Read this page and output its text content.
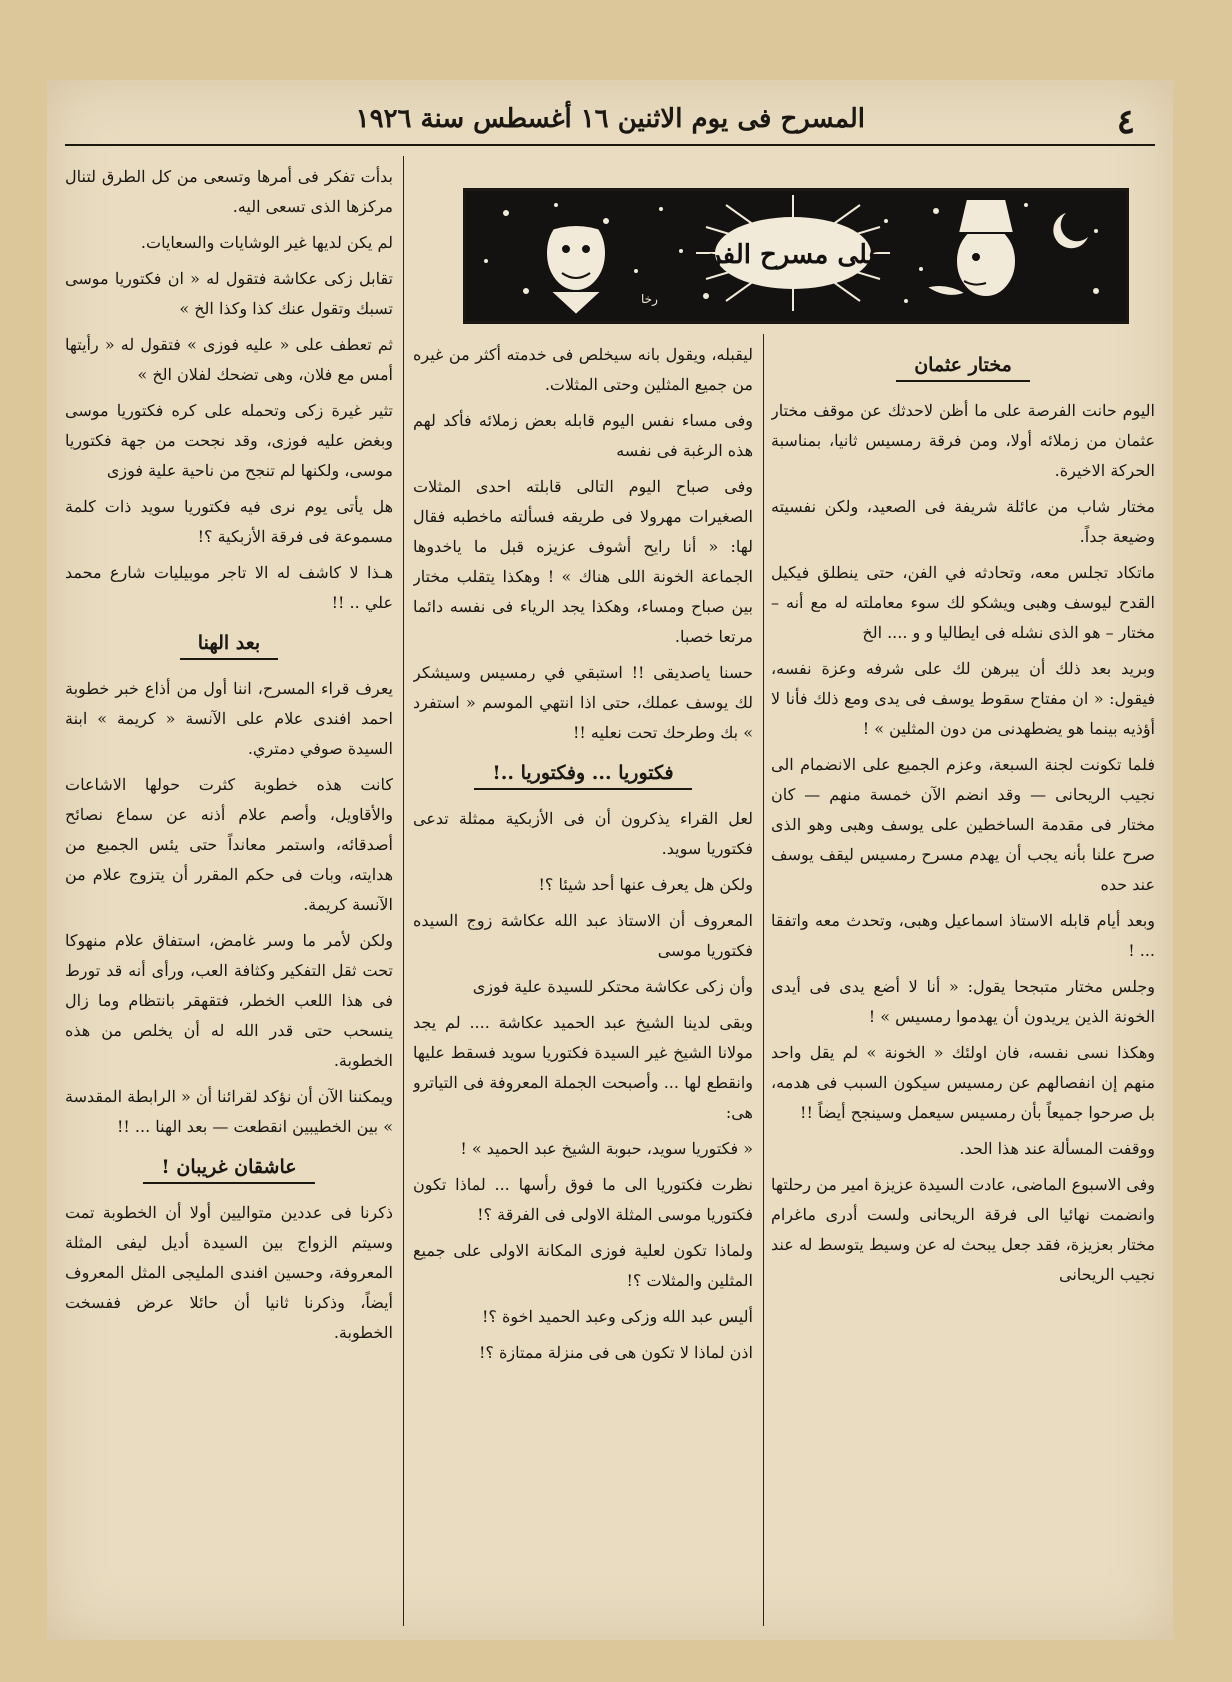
٤
المسرح فى يوم الاثنين ١٦ أغسطس سنة ١٩٢٦
على مسرح الفن
رخا
مختار عثمان

اليوم حانت الفرصة على ما أظن لاحدثك عن موقف مختار عثمان من زملائه أولا، ومن فرقة رمسيس ثانيا، بمناسبة الحركة الاخيرة.

مختار شاب من عائلة شريفة فى الصعيد، ولكن نفسيته وضيعة جداً.

ماتكاد تجلس معه، وتحادثه في الفن، حتى ينطلق فيكيل القدح ليوسف وهبى ويشكو لك سوء معاملته له مع أنه – مختار – هو الذى نشله فى ايطاليا و و .... الخ

وبريد بعد ذلك أن يبرهن لك على شرفه وعزة نفسه، فيقول: « ان مفتاح سقوط يوسف فى يدى ومع ذلك فأنا لا أؤذيه بينما هو يضطهدنى من دون المثلين » !

فلما تكونت لجنة السبعة، وعزم الجميع على الانضمام الى نجيب الريحانى — وقد انضم الآن خمسة منهم — كان مختار فى مقدمة الساخطين على يوسف وهبى وهو الذى صرح علنا بأنه يجب أن يهدم مسرح رمسيس ليقف يوسف عند حده

وبعد أيام قابله الاستاذ اسماعيل وهبى، وتحدث معه واتفقا ... !

وجلس مختار متبجحا يقول: « أنا لا أضع يدى فى أيدى الخونة الذين يريدون أن يهدموا رمسيس » !

وهكذا نسى نفسه، فان اولئك « الخونة » لم يقل واحد منهم إن انفصالهم عن رمسيس سيكون السبب فى هدمه، بل صرحوا جميعاً بأن رمسيس سيعمل وسينجح أيضاً !!

ووقفت المسألة عند هذا الحد.

وفى الاسبوع الماضى، عادت السيدة عزيزة امير من رحلتها وانضمت نهائيا الى فرقة الريحانى ولست أدرى ماغرام مختار بعزيزة، فقد جعل يبحث له عن وسيط يتوسط له عند نجيب الريحانى

ليقبله، ويقول بانه سيخلص فى خدمته أكثر من غيره من جميع المثلين وحتى المثلات.

وفى مساء نفس اليوم قابله بعض زملائه فأكد لهم هذه الرغبة فى نفسه

وفى صباح اليوم التالى قابلته احدى المثلات الصغيرات مهرولا فى طريقه فسألته ماخطبه فقال لها: « أنا رايح أشوف عزيزه قبل ما ياخدوها الجماعة الخونة اللى هناك » ! وهكذا يتقلب مختار بين صباح ومساء، وهكذا يجد الرياء فى نفسه دائما مرتعا خصبا.

حسنا ياصديقى !! استبقي في رمسيس وسيشكر لك يوسف عملك، حتى اذا انتهي الموسم « استفرد » بك وطرحك تحت نعليه !!

فكتوريا ... وفكتوريا ..!

لعل القراء يذكرون أن فى الأزبكية ممثلة تدعى فكتوريا سويد.

ولكن هل يعرف عنها أحد شيئا ؟!

المعروف أن الاستاذ عبد الله عكاشة زوج السيده فكتوريا موسى

وأن زكى عكاشة محتكر للسيدة علية فوزى

وبقى لدينا الشيخ عبد الحميد عكاشة .... لم يجد مولانا الشيخ غير السيدة فكتوريا سويد فسقط عليها وانقطع لها ... وأصبحت الجملة المعروفة فى التياترو هى:

« فكتوريا سويد، حبوبة الشيخ عبد الحميد » !

نظرت فكتوريا الى ما فوق رأسها ... لماذا تكون فكتوريا موسى المثلة الاولى فى الفرقة ؟!

ولماذا تكون لعلية فوزى المكانة الاولى على جميع المثلين والمثلات ؟!

أليس عبد الله وزكى وعبد الحميد اخوة ؟!

اذن لماذا لا تكون هى فى منزلة ممتازة ؟!

بدأت تفكر فى أمرها وتسعى من كل الطرق لتنال مركزها الذى تسعى اليه.

لم يكن لديها غير الوشايات والسعايات.

تقابل زكى عكاشة فتقول له « ان فكتوريا موسى تسبك وتقول عنك كذا وكذا الخ »

ثم تعطف على « عليه فوزى » فتقول له « رأيتها أمس مع فلان، وهى تضحك لفلان الخ »

تثير غيرة زكى وتحمله على كره فكتوريا موسى وبغض عليه فوزى، وقد نجحت من جهة فكتوريا موسى، ولكنها لم تنجح من ناحية علية فوزى

هل يأتى يوم نرى فيه فكتوريا سويد ذات كلمة مسموعة فى فرقة الأزبكية ؟!

هـذا لا كاشف له الا تاجر موبيليات شارع محمد علي .. !!

بعد الهنا

يعرف قراء المسرح، اننا أول من أذاع خبر خطوبة احمد افندى علام على الآنسة « كريمة » ابنة السيدة صوفي دمتري.

كانت هذه خطوبة كثرت حولها الاشاعات والأقاويل، وأصم علام أذنه عن سماع نصائح أصدقائه، واستمر معانداً حتى يئس الجميع من هدايته، وبات فى حكم المقرر أن يتزوج علام من الآنسة كريمة.

ولكن لأمر ما وسر غامض، استفاق علام منهوكا تحت ثقل التفكير وكثافة العب، ورأى أنه قد تورط فى هذا اللعب الخطر، فتقهقر بانتظام وما زال ينسحب حتى قدر الله له أن يخلص من هذه الخطوبة.

ويمكننا الآن أن نؤكد لقرائنا أن « الرابطة المقدسة » بين الخطيبين انقطعت — بعد الهنا ... !!

عاشقان غريبان !

ذكرنا فى عددين متواليين أولا أن الخطوبة تمت وسيتم الزواج بين السيدة أديل ليفى المثلة المعروفة، وحسين افندى المليجى المثل المعروف أيضاً، وذكرنا ثانيا أن حائلا عرض ففسخت الخطوبة.
